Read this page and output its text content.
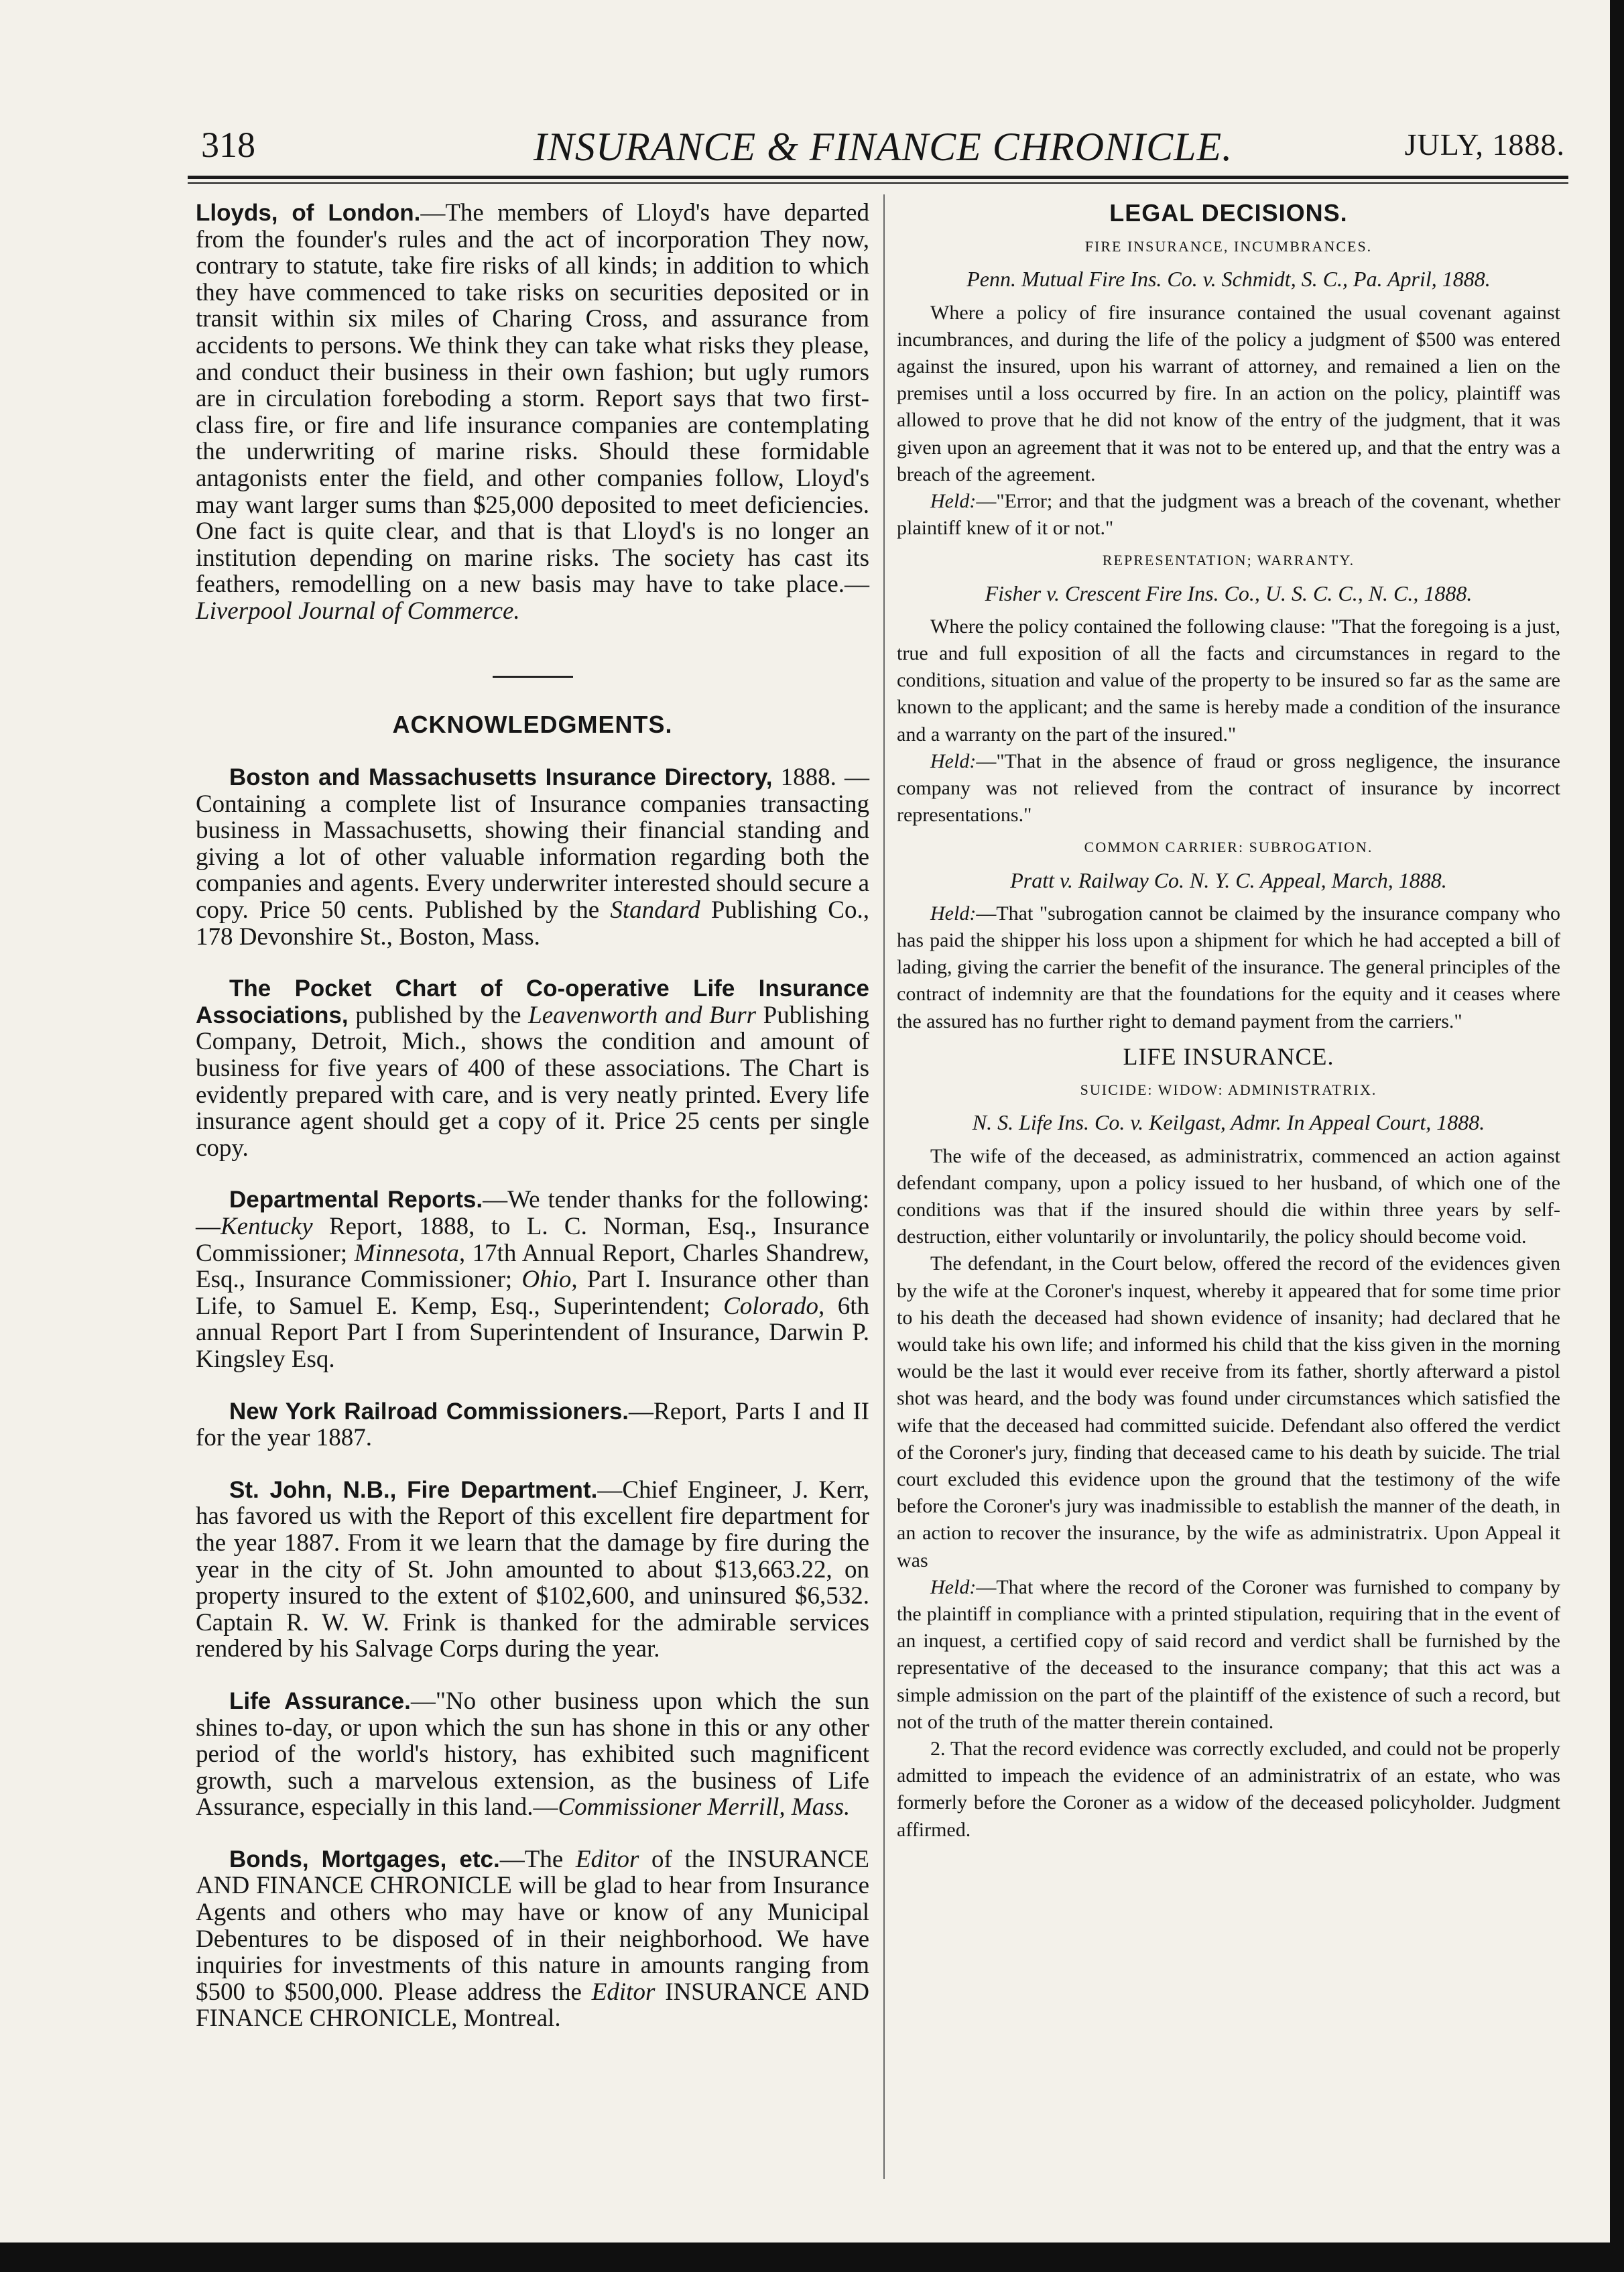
318	INSURANCE & FINANCE CHRONICLE.	JULY, 1888.

Lloyds, of London.—The members of Lloyd's have departed from the founder's rules and the act of incorporation They now, contrary to statute, take fire risks of all kinds; in addition to which they have commenced to take risks on securities deposited or in transit within six miles of Charing Cross, and assurance from accidents to persons. We think they can take what risks they please, and conduct their business in their own fashion; but ugly rumors are in circulation foreboding a storm. Report says that two first-class fire, or fire and life insurance companies are contemplating the underwriting of marine risks. Should these formidable antagonists enter the field, and other companies follow, Lloyd's may want larger sums than $25,000 deposited to meet deficiencies. One fact is quite clear, and that is that Lloyd's is no longer an institution depending on marine risks. The society has cast its feathers, remodelling on a new basis may have to take place.—Liverpool Journal of Commerce.

ACKNOWLEDGMENTS.

Boston and Massachusetts Insurance Directory, 1888. —Containing a complete list of Insurance companies transacting business in Massachusetts, showing their financial standing and giving a lot of other valuable information regarding both the companies and agents. Every underwriter interested should secure a copy. Price 50 cents. Published by the Standard Publishing Co., 178 Devonshire St., Boston, Mass.

The Pocket Chart of Co-operative Life Insurance Associations, published by the Leavenworth and Burr Publishing Company, Detroit, Mich., shows the condition and amount of business for five years of 400 of these associations. The Chart is evidently prepared with care, and is very neatly printed. Every life insurance agent should get a copy of it. Price 25 cents per single copy.

Departmental Reports.—We tender thanks for the following:—Kentucky Report, 1888, to L. C. Norman, Esq., Insurance Commissioner; Minnesota, 17th Annual Report, Charles Shandrew, Esq., Insurance Commissioner; Ohio, Part I. Insurance other than Life, to Samuel E. Kemp, Esq., Superintendent; Colorado, 6th annual Report Part I from Superintendent of Insurance, Darwin P. Kingsley Esq.

New York Railroad Commissioners.—Report, Parts I and II for the year 1887.

St. John, N.B., Fire Department.—Chief Engineer, J. Kerr, has favored us with the Report of this excellent fire department for the year 1887. From it we learn that the damage by fire during the year in the city of St. John amounted to about $13,663.22, on property insured to the extent of $102,600, and uninsured $6,532. Captain R. W. W. Frink is thanked for the admirable services rendered by his Salvage Corps during the year.

Life Assurance.—"No other business upon which the sun shines to-day, or upon which the sun has shone in this or any other period of the world's history, has exhibited such magnificent growth, such a marvelous extension, as the business of Life Assurance, especially in this land.—Commissioner Merrill, Mass.

Bonds, Mortgages, etc.—The Editor of the INSURANCE AND FINANCE CHRONICLE will be glad to hear from Insurance Agents and others who may have or know of any Municipal Debentures to be disposed of in their neighborhood. We have inquiries for investments of this nature in amounts ranging from $500 to $500,000. Please address the Editor INSURANCE AND FINANCE CHRONICLE, Montreal.

LEGAL DECISIONS.
FIRE INSURANCE, INCUMBRANCES.
Penn. Mutual Fire Ins. Co. v. Schmidt, S. C., Pa. April, 1888.

Where a policy of fire insurance contained the usual covenant against incumbrances, and during the life of the policy a judgment of $500 was entered against the insured, upon his warrant of attorney, and remained a lien on the premises until a loss occurred by fire. In an action on the policy, plaintiff was allowed to prove that he did not know of the entry of the judgment, that it was given upon an agreement that it was not to be entered up, and that the entry was a breach of the agreement.

Held:—"Error; and that the judgment was a breach of the covenant, whether plaintiff knew of it or not."

REPRESENTATION; WARRANTY.
Fisher v. Crescent Fire Ins. Co., U. S. C. C., N. C., 1888.

Where the policy contained the following clause: "That the foregoing is a just, true and full exposition of all the facts and circumstances in regard to the conditions, situation and value of the property to be insured so far as the same are known to the applicant; and the same is hereby made a condition of the insurance and a warranty on the part of the insured."

Held:—"That in the absence of fraud or gross negligence, the insurance company was not relieved from the contract of insurance by incorrect representations."

COMMON CARRIER: SUBROGATION.
Pratt v. Railway Co. N. Y. C. Appeal, March, 1888.

Held:—That "subrogation cannot be claimed by the insurance company who has paid the shipper his loss upon a shipment for which he had accepted a bill of lading, giving the carrier the benefit of the insurance. The general principles of the contract of indemnity are that the foundations for the equity and it ceases where the assured has no further right to demand payment from the carriers."

LIFE INSURANCE.
SUICIDE: WIDOW: ADMINISTRATRIX.
N. S. Life Ins. Co. v. Keilgast, Admr. In Appeal Court, 1888.

The wife of the deceased, as administratrix, commenced an action against defendant company, upon a policy issued to her husband, of which one of the conditions was that if the insured should die within three years by self-destruction, either voluntarily or involuntarily, the policy should become void.

The defendant, in the Court below, offered the record of the evidences given by the wife at the Coroner's inquest, whereby it appeared that for some time prior to his death the deceased had shown evidence of insanity; had declared that he would take his own life; and informed his child that the kiss given in the morning would be the last it would ever receive from its father, shortly afterward a pistol shot was heard, and the body was found under circumstances which satisfied the wife that the deceased had committed suicide. Defendant also offered the verdict of the Coroner's jury, finding that deceased came to his death by suicide. The trial court excluded this evidence upon the ground that the testimony of the wife before the Coroner's jury was inadmissible to establish the manner of the death, in an action to recover the insurance, by the wife as administratrix. Upon Appeal it was

Held:—That where the record of the Coroner was furnished to company by the plaintiff in compliance with a printed stipulation, requiring that in the event of an inquest, a certified copy of said record and verdict shall be furnished by the representative of the deceased to the insurance company; that this act was a simple admission on the part of the plaintiff of the existence of such a record, but not of the truth of the matter therein contained.

2. That the record evidence was correctly excluded, and could not be properly admitted to impeach the evidence of an administratrix of an estate, who was formerly before the Coroner as a widow of the deceased policyholder. Judgment affirmed.
